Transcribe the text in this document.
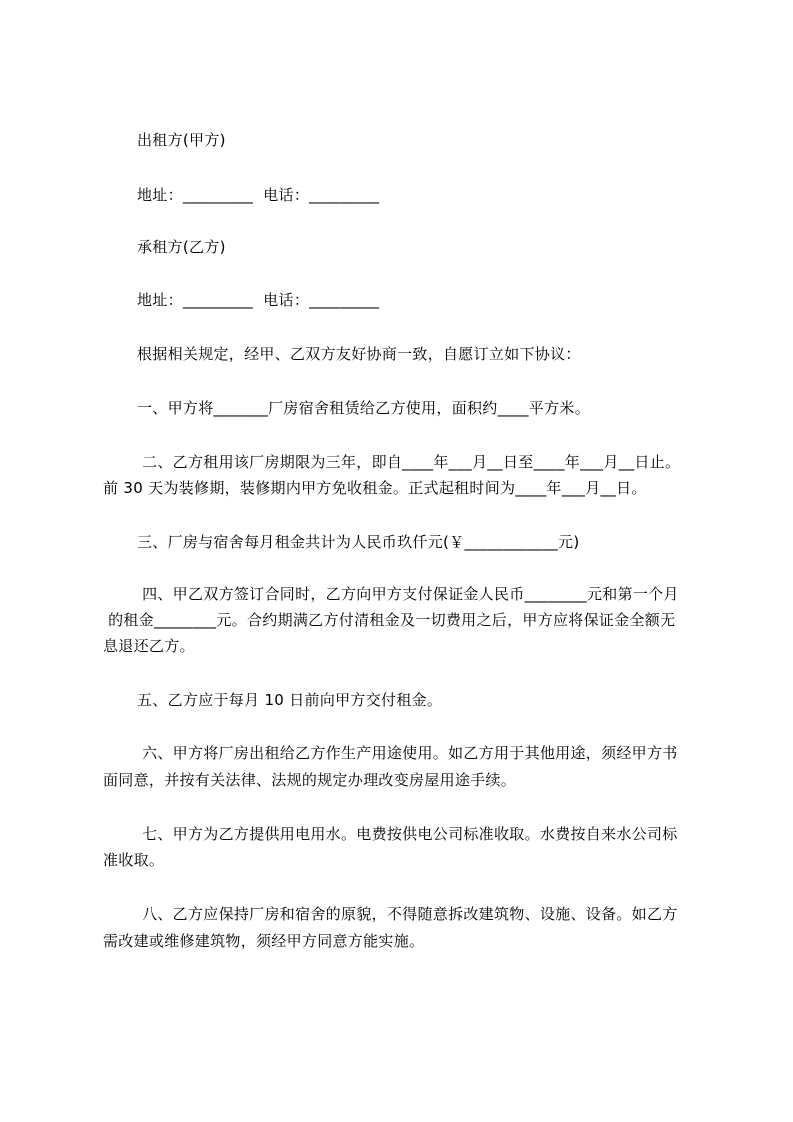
出租方(甲方)
地址：_________  电话：_________
承租方(乙方)
地址：_________  电话：_________
根据相关规定，经甲、乙双方友好协商一致，自愿订立如下协议：
一、甲方将_______厂房宿舍租赁给乙方使用，面积约____平方米。
二、乙方租用该厂房期限为三年，即自____年___月__日至____年___月__日止。
前 30 天为装修期，装修期内甲方免收租金。正式起租时间为____年___月__日。
三、厂房与宿舍每月租金共计为人民币玖仟元(￥____________元)
四、甲乙双方签订合同时，乙方向甲方支付保证金人民币________元和第一个月
的租金________元。合约期满乙方付清租金及一切费用之后，甲方应将保证金全额无
息退还乙方。
五、乙方应于每月 10 日前向甲方交付租金。
六、甲方将厂房出租给乙方作生产用途使用。如乙方用于其他用途，须经甲方书
面同意，并按有关法律、法规的规定办理改变房屋用途手续。
七、甲方为乙方提供用电用水。电费按供电公司标准收取。水费按自来水公司标
准收取。
八、乙方应保持厂房和宿舍的原貌，不得随意拆改建筑物、设施、设备。如乙方
需改建或维修建筑物，须经甲方同意方能实施。
